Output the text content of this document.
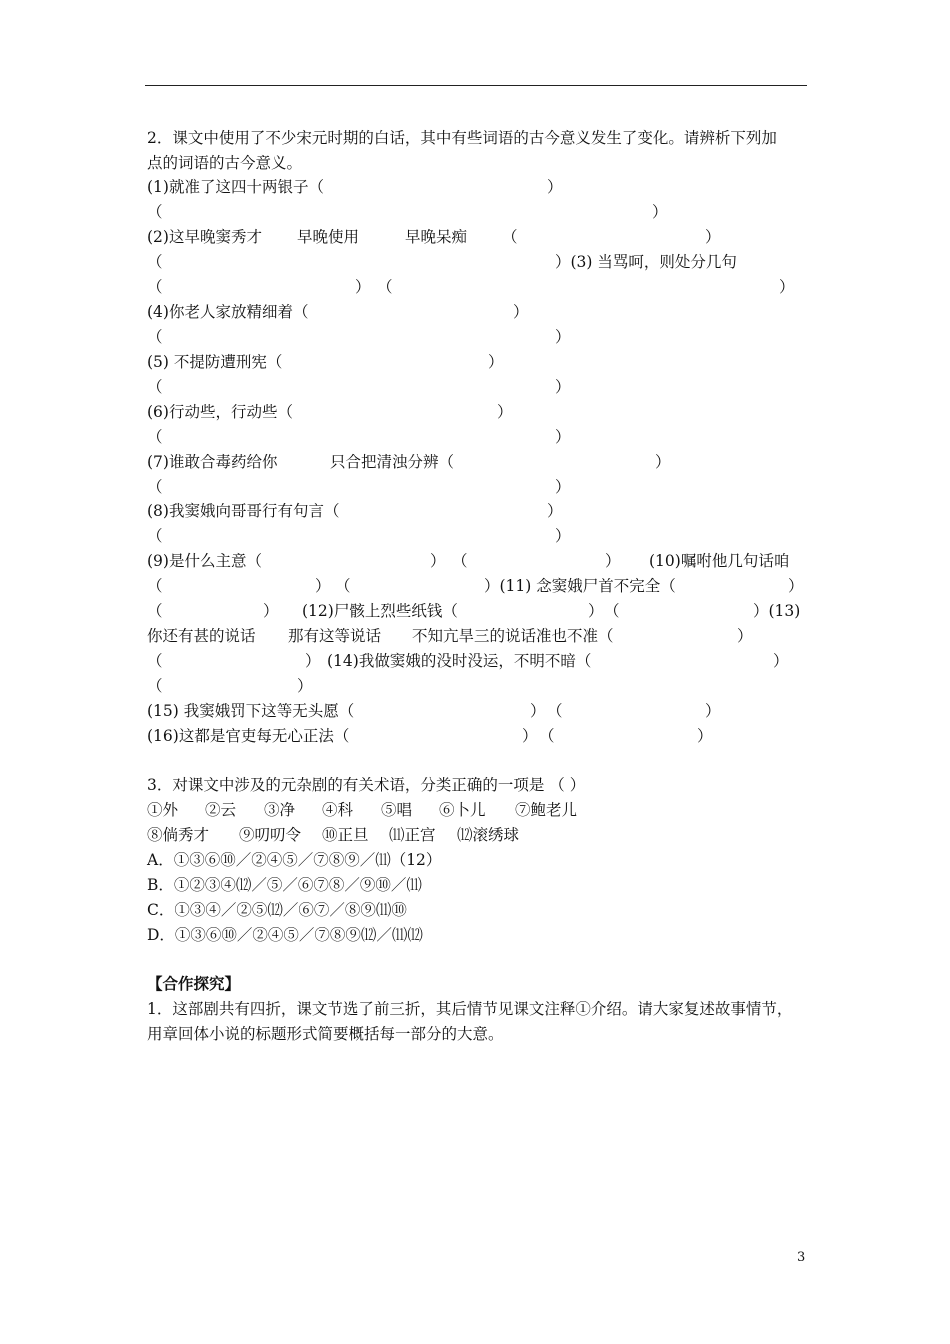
2．课文中使用了不少宋元时期的白话，其中有些词语的古今意义发生了变化。请辨析下列加
点的词语的古今意义。
(1)就准了这四十两银子（	）
（	）
(2)这早晚窦秀才 早晚使用	早晚呆痴 （	）
（	）(3) 当骂呵，则处分几句
（	） （	）
(4)你老人家放精细着（	）
（	）
(5) 不提防遭刑宪（	）
（	）
(6)行动些，行动些（	）
（	）
(7)谁敢合毒药给你	只合把清浊分辨（	）
（	）
(8)我窦娥向哥哥行有句言（	）
（	）
(9)是什么主意（	） （	） (10)嘱咐他几句话咱
（	） （	）(11) 念窦娥尸首不完全（	）
（	） (12)尸骸上烈些纸钱（	） （	）(13)
你还有甚的说话 那有这等说话 不知亢旱三的说话准也不准（	）
（	） (14)我做窦娥的没时没运，不明不暗（	）
（	）
(15) 我窦娥罚下这等无头愿（	） （	）
(16)这都是官吏每无心正法（	） （	）
3．对课文中涉及的元杂剧的有关术语，分类正确的一项是 （ ）
①外 ②云 ③净 ④科 ⑤唱 ⑥卜儿 ⑦鲍老儿
⑧倘秀才 ⑨叨叨令 ⑩正旦 ⑾正宫 ⑿滚绣球
A．①③⑥⑩／②④⑤／⑦⑧⑨／⑾（12）
B．①②③④⑿／⑤／⑥⑦⑧／⑨⑩／⑾
C．①③④／②⑤⑿／⑥⑦／⑧⑨⑾⑩
D．①③⑥⑩／②④⑤／⑦⑧⑨⑿／⑾⑿
【合作探究】
1．这部剧共有四折，课文节选了前三折，其后情节见课文注释①介绍。请大家复述故事情节，
用章回体小说的标题形式简要概括每一部分的大意。
3
